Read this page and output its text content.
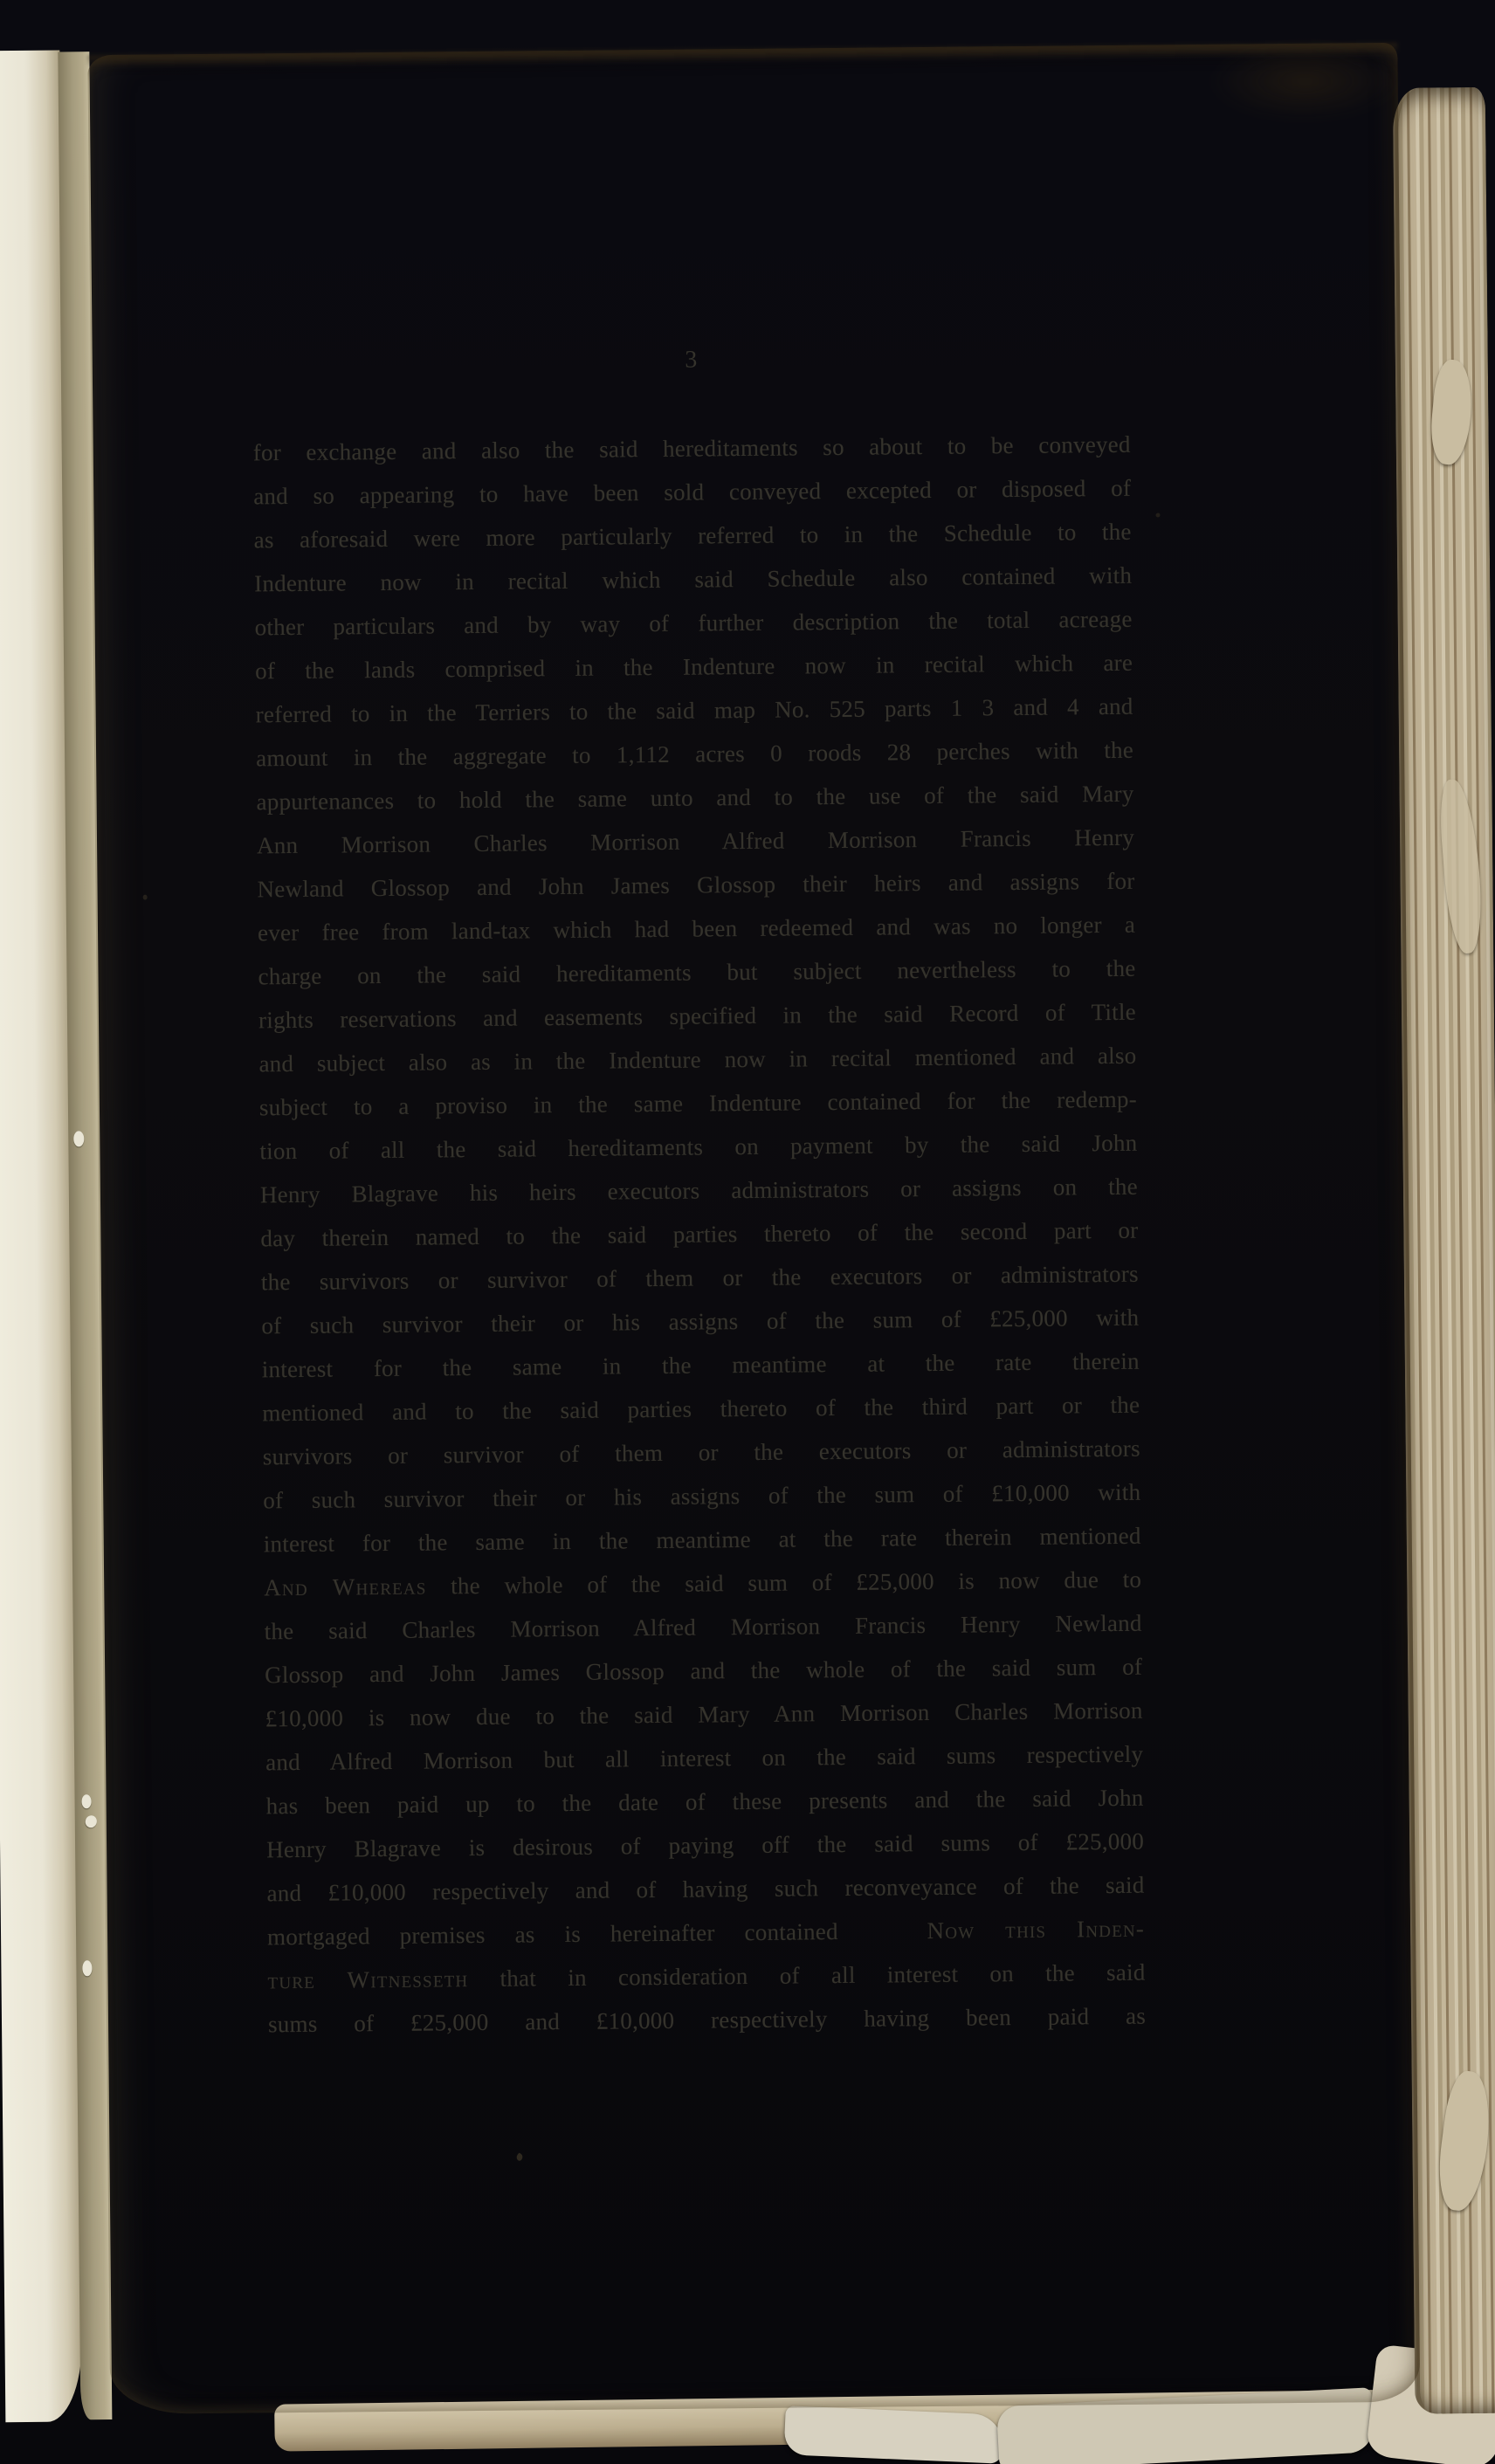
3
for exchange and also the said hereditaments so about to be conveyed
and so appearing to have been sold conveyed excepted or disposed of
as aforesaid were more particularly referred to in the Schedule to the
Indenture now in recital which said Schedule also contained with
other particulars and by way of further description the total acreage
of the lands comprised in the Indenture now in recital which are
referred to in the Terriers to the said map No. 525 parts 1 3 and 4 and
amount in the aggregate to 1,112 acres 0 roods 28 perches with the
appurtenances to hold the same unto and to the use of the said Mary
Ann Morrison Charles Morrison Alfred Morrison Francis Henry
Newland Glossop and John James Glossop their heirs and assigns for
ever free from land-tax which had been redeemed and was no longer a
charge on the said hereditaments but subject nevertheless to the
rights reservations and easements specified in the said Record of Title
and subject also as in the Indenture now in recital mentioned and also
subject to a proviso in the same Indenture contained for the redemp-
tion of all the said hereditaments on payment by the said John
Henry Blagrave his heirs executors administrators or assigns on the
day therein named to the said parties thereto of the second part or
the survivors or survivor of them or the executors or administrators
of such survivor their or his assigns of the sum of £25,000 with
interest for the same in the meantime at the rate therein
mentioned and to the said parties thereto of the third part or the
survivors or survivor of them or the executors or administrators
of such survivor their or his assigns of the sum of £10,000 with
interest for the same in the meantime at the rate therein mentioned
And Whereas the whole of the said sum of £25,000 is now due to
the said Charles Morrison Alfred Morrison Francis Henry Newland
Glossop and John James Glossop and the whole of the said sum of
£10,000 is now due to the said Mary Ann Morrison Charles Morrison
and Alfred Morrison but all interest on the said sums respectively
has been paid up to the date of these presents and the said John
Henry Blagrave is desirous of paying off the said sums of £25,000
and £10,000 respectively and of having such reconveyance of the said
mortgaged premises as is hereinafter contained   Now this Inden-
ture Witnesseth that in consideration of all interest on the said
sums of £25,000 and £10,000 respectively having been paid as
